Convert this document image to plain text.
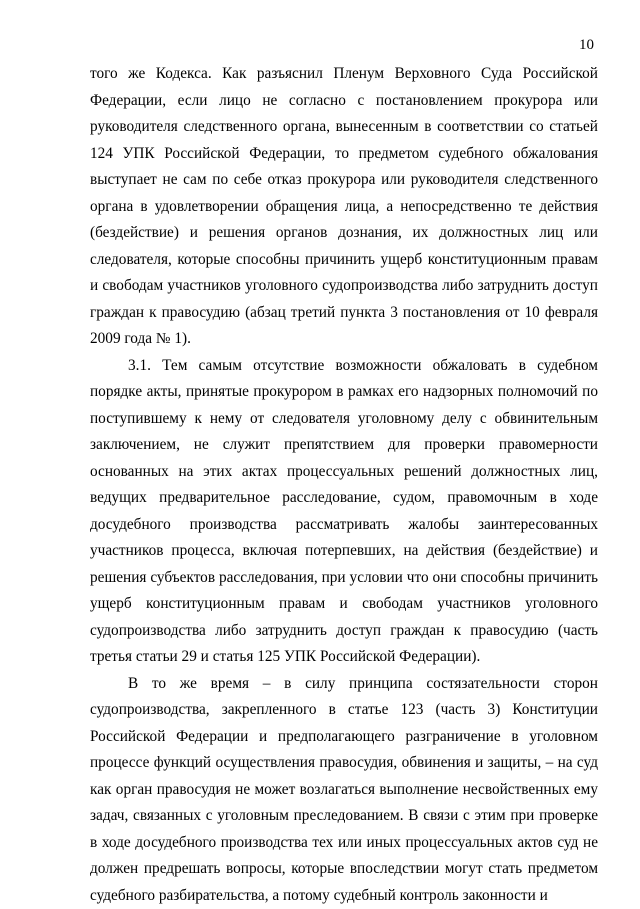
10

того же Кодекса. Как разъяснил Пленум Верховного Суда Российской Федерации, если лицо не согласно с постановлением прокурора или руководителя следственного органа, вынесенным в соответствии со статьей 124 УПК Российской Федерации, то предметом судебного обжалования выступает не сам по себе отказ прокурора или руководителя следственного органа в удовлетворении обращения лица, а непосредственно те действия (бездействие) и решения органов дознания, их должностных лиц или следователя, которые способны причинить ущерб конституционным правам и свободам участников уголовного судопроизводства либо затруднить доступ граждан к правосудию (абзац третий пункта 3 постановления от 10 февраля 2009 года № 1).

3.1. Тем самым отсутствие возможности обжаловать в судебном порядке акты, принятые прокурором в рамках его надзорных полномочий по поступившему к нему от следователя уголовному делу с обвинительным заключением, не служит препятствием для проверки правомерности основанных на этих актах процессуальных решений должностных лиц, ведущих предварительное расследование, судом, правомочным в ходе досудебного производства рассматривать жалобы заинтересованных участников процесса, включая потерпевших, на действия (бездействие) и решения субъектов расследования, при условии что они способны причинить ущерб конституционным правам и свободам участников уголовного судопроизводства либо затруднить доступ граждан к правосудию (часть третья статьи 29 и статья 125 УПК Российской Федерации).

В то же время – в силу принципа состязательности сторон судопроизводства, закрепленного в статье 123 (часть 3) Конституции Российской Федерации и предполагающего разграничение в уголовном процессе функций осуществления правосудия, обвинения и защиты, – на суд как орган правосудия не может возлагаться выполнение несвойственных ему задач, связанных с уголовным преследованием. В связи с этим при проверке в ходе досудебного производства тех или иных процессуальных актов суд не должен предрешать вопросы, которые впоследствии могут стать предметом судебного разбирательства, а потому судебный контроль законности и
